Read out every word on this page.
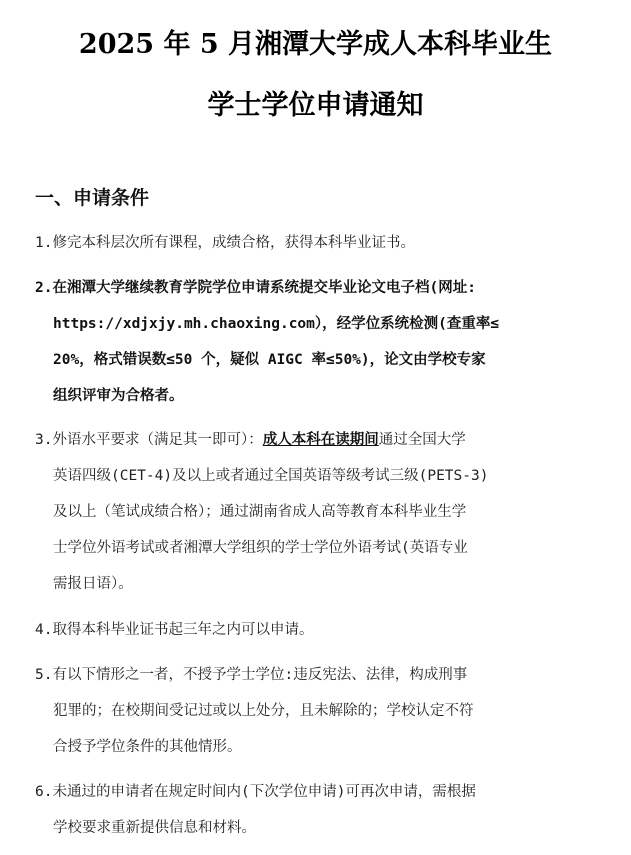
2025 年 5 月湘潭大学成人本科毕业生
学士学位申请通知
一、申请条件
1.修完本科层次所有课程，成绩合格，获得本科毕业证书。
2.在湘潭大学继续教育学院学位申请系统提交毕业论文电子档(网址:
https://xdjxjy.mh.chaoxing.com），经学位系统检测(查重率≤
20%，格式错误数≤50 个，疑似 AIGC 率≤50%)，论文由学校专家
组织评审为合格者。
3.外语水平要求（满足其一即可）：成人本科在读期间通过全国大学
英语四级(CET-4)及以上或者通过全国英语等级考试三级(PETS-3)
及以上（笔试成绩合格）；通过湖南省成人高等教育本科毕业生学
士学位外语考试或者湘潭大学组织的学士学位外语考试(英语专业
需报日语）。
4.取得本科毕业证书起三年之内可以申请。
5.有以下情形之一者，不授予学士学位:违反宪法、法律，构成刑事
犯罪的；在校期间受记过或以上处分，且未解除的；学校认定不符
合授予学位条件的其他情形。
6.未通过的申请者在规定时间内(下次学位申请)可再次申请，需根据
学校要求重新提供信息和材料。
